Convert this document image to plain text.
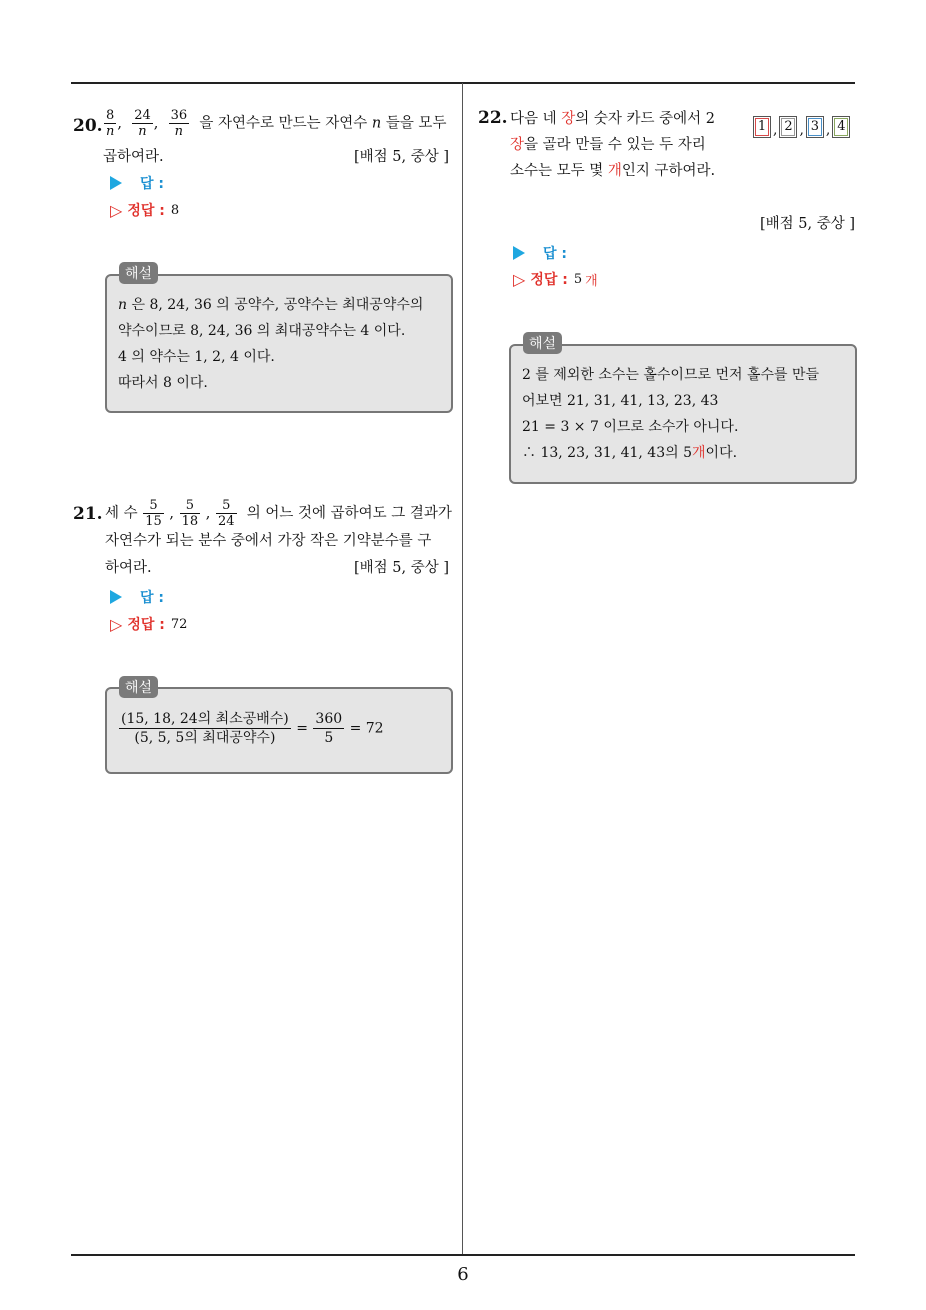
6
20. $\frac{8}{n}$ , $\frac{24}{n}$ , $\frac{36}{n}$ 을 자연수로 만드는 자연수 n 들을 모두
곱하여라.	[배점 5, 중상 ]
답 :
▷ 정답 : 8
해설
n 은 8, 24, 36 의 공약수, 공약수는 최대공약수의
약수이므로 8, 24, 36 의 최대공약수는 4 이다.
4 의 약수는 1, 2, 4 이다.
따라서 8 이다.
21. 세 수 $\frac{5}{15}$ , $\frac{5}{18}$ , $\frac{5}{24}$ 의 어느 것에 곱하여도 그 결과가
자연수가 되는 분수 중에서 가장 작은 기약분수를 구
하여라.	[배점 5, 중상 ]
답 :
▷ 정답 : 72
해설
$\frac{\text{(15, 18, 24의 최소공배수)}}{\text{(5, 5, 5의 최대공약수)}} = \frac{360}{5} = 72$
22. 다음 네 장의 숫자 카드 중에서 2
장을 골라 만들 수 있는 두 자리
소수는 모두 몇 개인지 구하여라.
1 , 2 , 3 , 4
[배점 5, 중상 ]
답 :
▷ 정답 : 5 개
해설
2 를 제외한 소수는 홀수이므로 먼저 홀수를 만들
어보면 21, 31, 41, 13, 23, 43
21 = 3 × 7 이므로 소수가 아니다.
∴ 13, 23, 31, 41, 43의 5개이다.
